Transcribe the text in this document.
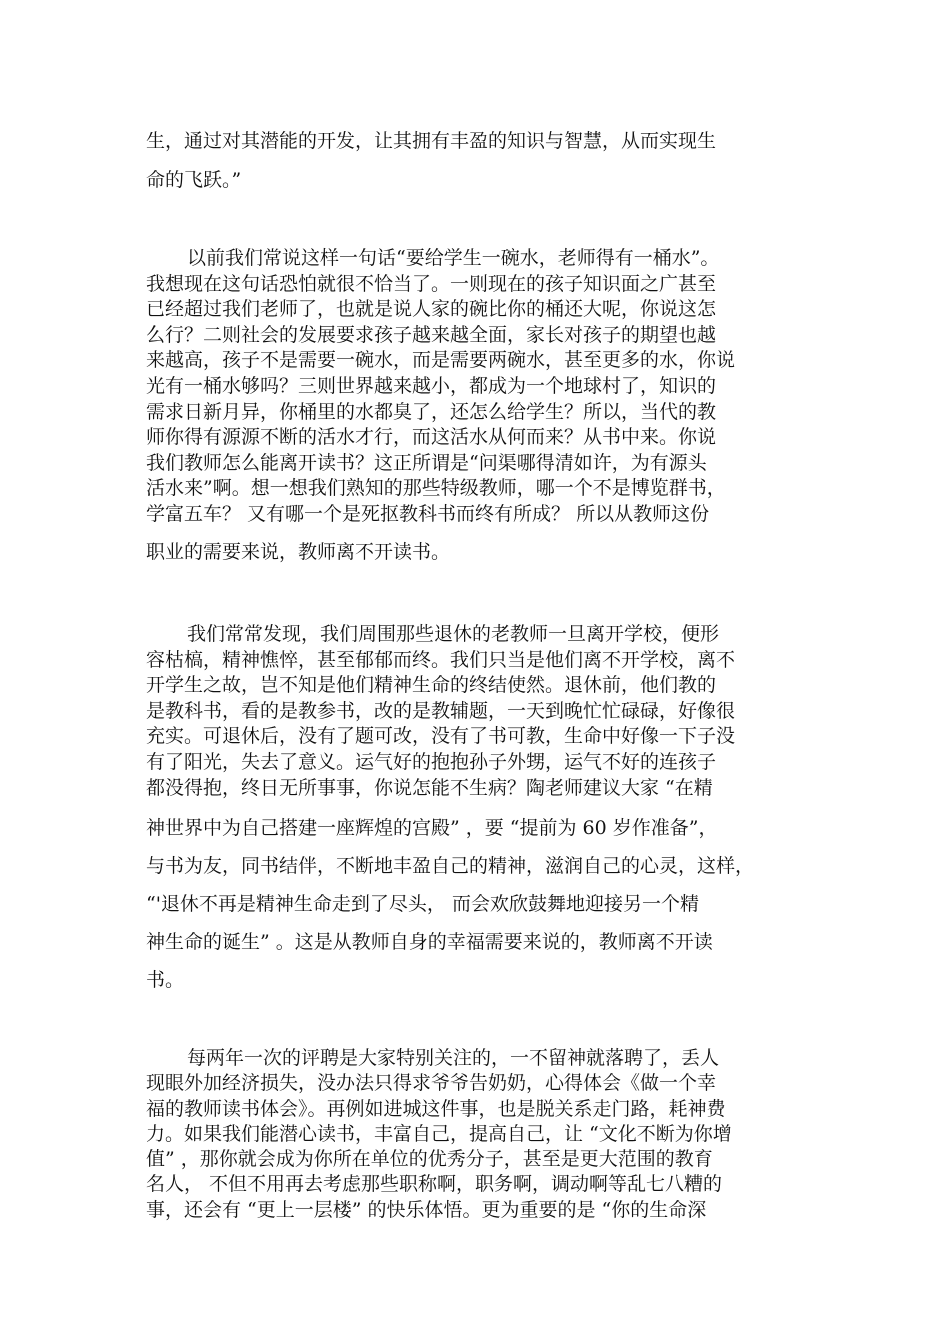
生，通过对其潜能的开发，让其拥有丰盈的知识与智慧，从而实现生
命的飞跃。”

以前我们常说这样一句话“要给学生一碗水，老师得有一桶水”。
我想现在这句话恐怕就很不恰当了。一则现在的孩子知识面之广甚至
已经超过我们老师了，也就是说人家的碗比你的桶还大呢，你说这怎
么行？二则社会的发展要求孩子越来越全面，家长对孩子的期望也越
来越高，孩子不是需要一碗水，而是需要两碗水，甚至更多的水，你说
光有一桶水够吗？三则世界越来越小，都成为一个地球村了，知识的
需求日新月异，你桶里的水都臭了，还怎么给学生？所以，当代的教
师你得有源源不断的活水才行，而这活水从何而来？从书中来。你说
我们教师怎么能离开读书？这正所谓是“问渠哪得清如许，为有源头
活水来”啊。想一想我们熟知的那些特级教师，哪一个不是博览群书，
学富五车？ 又有哪一个是死抠教科书而终有所成？ 所以从教师这份
职业的需要来说，教师离不开读书。

我们常常发现，我们周围那些退休的老教师一旦离开学校，便形
容枯槁，精神憔悴，甚至郁郁而终。我们只当是他们离不开学校，离不
开学生之故，岂不知是他们精神生命的终结使然。退休前，他们教的
是教科书，看的是教参书，改的是教辅题，一天到晚忙忙碌碌，好像很
充实。可退休后，没有了题可改，没有了书可教，生命中好像一下子没
有了阳光，失去了意义。运气好的抱抱孙子外甥，运气不好的连孩子
都没得抱，终日无所事事，你说怎能不生病？陶老师建议大家 “在精
神世界中为自己搭建一座辉煌的宫殿” ，要 “提前为 60 岁作准备”，
与书为友，同书结伴，不断地丰盈自己的精神，滋润自己的心灵，这样，
“'退休不再是精神生命走到了尽头， 而会欢欣鼓舞地迎接另一个精
神生命的诞生” 。这是从教师自身的幸福需要来说的，教师离不开读
书。

每两年一次的评聘是大家特别关注的，一不留神就落聘了，丢人
现眼外加经济损失，没办法只得求爷爷告奶奶，心得体会《做一个幸
福的教师读书体会》。再例如进城这件事，也是脱关系走门路，耗神费
力。如果我们能潜心读书，丰富自己，提高自己，让 “文化不断为你增
值” ，那你就会成为你所在单位的优秀分子，甚至是更大范围的教育
名人， 不但不用再去考虑那些职称啊，职务啊，调动啊等乱七八糟的
事，还会有 “更上一层楼” 的快乐体悟。更为重要的是 “你的生命深
